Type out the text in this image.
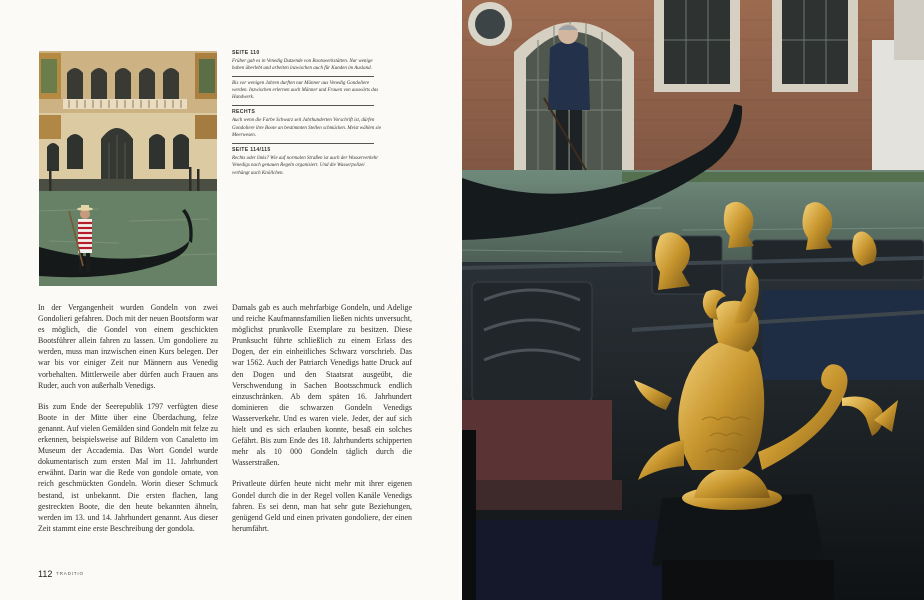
SEITE 110
Früher gab es in Venedig Dutzende von Bootswerkstätten. Nur wenige haben überlebt und arbeiten inzwischen auch für Kunden im Ausland.
Bis vor wenigen Jahren durften nur Männer aus Venedig Gondoliere werden. Inzwischen erlernen auch Männer und Frauen von auswärts das Handwerk.
RECHTS
Auch wenn die Farbe Schwarz seit Jahrhunderten Vorschrift ist, dürfen Gondoliere ihre Boote an bestimmten Stellen schmücken. Meist wählen sie Meerwesen.
SEITE 114/115
Rechts oder links? Wie auf normalen Straßen ist auch der Wasserverkehr Venedigs nach genauen Regeln organisiert. Und die Wasserpolizei verhängt auch Knöllchen.

In der Vergangenheit wurden Gondeln von zwei Gondolieri gefahren. Doch mit der neuen Bootsform war es möglich, die Gondel von einem geschickten Bootsführer allein fahren zu lassen. Um gondoliere zu werden, muss man inzwischen einen Kurs belegen. Der war bis vor einiger Zeit nur Männern aus Venedig vorbehalten. Mittlerweile aber dürfen auch Frauen ans Ruder, auch von außerhalb Venedigs.

Bis zum Ende der Seerepublik 1797 verfügten diese Boote in der Mitte über eine Überdachung, felze genannt. Auf vielen Gemälden sind Gondeln mit felze zu erkennen, beispielsweise auf Bildern von Canaletto im Museum der Accademia. Das Wort Gondel wurde dokumentarisch zum ersten Mal im 11. Jahrhundert erwähnt. Darin war die Rede von gondole ornate, von reich geschmückten Gondeln. Worin dieser Schmuck bestand, ist unbekannt. Die ersten flachen, lang gestreckten Boote, die den heute bekannten ähneln, werden im 13. und 14. Jahrhundert genannt. Aus dieser Zeit stammt eine erste Beschreibung der gondola.

Damals gab es auch mehrfarbige Gondeln, und Adelige und reiche Kaufmannsfamilien ließen nichts unversucht, möglichst prunkvolle Exemplare zu besitzen. Diese Prunksucht führte schließlich zu einem Erlass des Dogen, der ein einheitliches Schwarz vorschrieb. Das war 1562. Auch der Patriarch Venedigs hatte Druck auf den Dogen und den Staatsrat ausgeübt, die Verschwendung in Sachen Bootsschmuck endlich einzuschränken. Ab dem späten 16. Jahrhundert dominieren die schwarzen Gondeln Venedigs Wasserverkehr. Und es waren viele. Jeder, der auf sich hielt und es sich erlauben konnte, besaß ein solches Gefährt. Bis zum Ende des 18. Jahrhunderts schipperten mehr als 10 000 Gondeln täglich durch die Wasserstraßen.

Privatleute dürfen heute nicht mehr mit ihrer eigenen Gondel durch die in der Regel vollen Kanäle Venedigs fahren. Es sei denn, man hat sehr gute Beziehungen, genügend Geld und einen privaten gondoliere, der einen herumfährt.

112 TRADITIO
